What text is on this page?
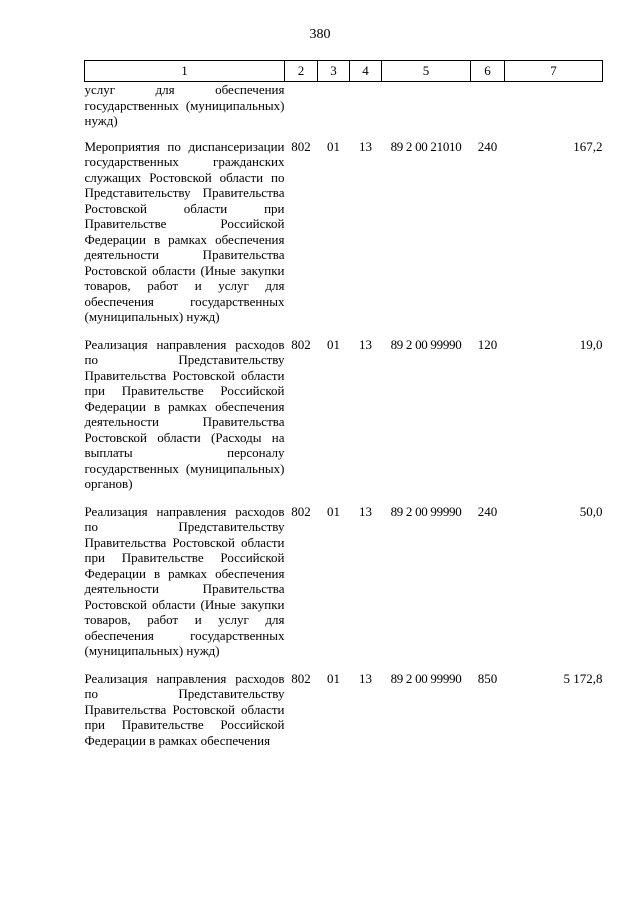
380
1	2	3	4	5	6	7
услуг для обеспечения государственных (муниципальных) нужд)						
Мероприятия по диспансеризации государственных гражданских служащих Ростовской области по Представительству Правительства Ростовской области при Правительстве Российской Федерации в рамках обеспечения деятельности Правительства Ростовской области (Иные закупки товаров, работ и услуг для обеспечения государственных (муниципальных) нужд)	802	01	13	89 2 00 21010	240	167,2
Реализация направления расходов по Представительству Правительства Ростовской области при Правительстве Российской Федерации в рамках обеспечения деятельности Правительства Ростовской области (Расходы на выплаты персоналу государственных (муниципальных) органов)	802	01	13	89 2 00 99990	120	19,0
Реализация направления расходов по Представительству Правительства Ростовской области при Правительстве Российской Федерации в рамках обеспечения деятельности Правительства Ростовской области (Иные закупки товаров, работ и услуг для обеспечения государственных (муниципальных) нужд)	802	01	13	89 2 00 99990	240	50,0
Реализация направления расходов по Представительству Правительства Ростовской области при Правительстве Российской Федерации в рамках обеспечения	802	01	13	89 2 00 99990	850	5 172,8
